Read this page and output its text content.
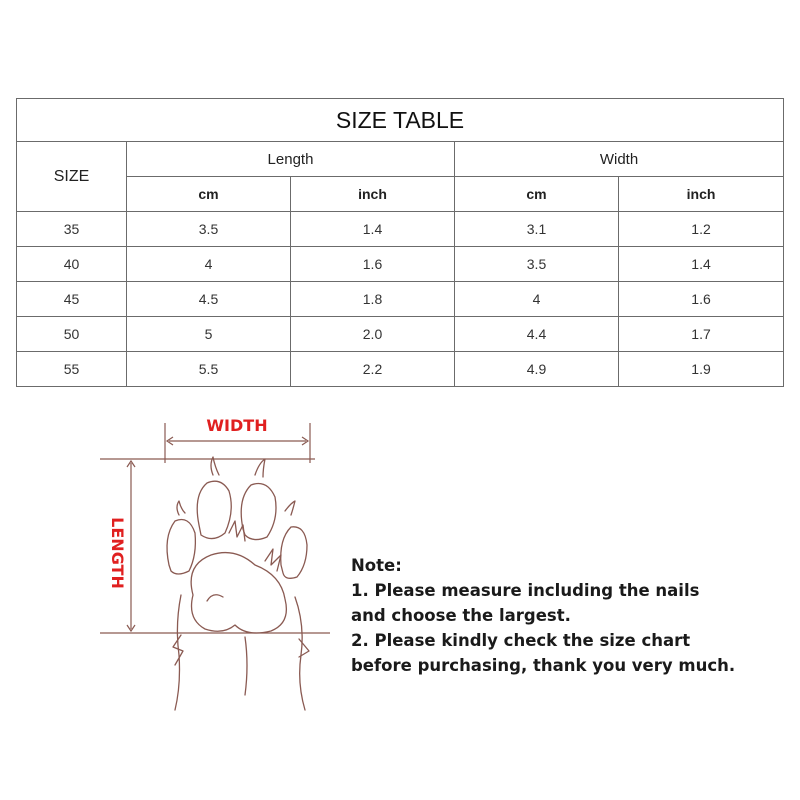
SIZE TABLE				
SIZE	Length		Width	
	cm	inch	cm	inch
35	3.5	1.4	3.1	1.2
40	4	1.6	3.5	1.4
45	4.5	1.8	4	1.6
50	5	2.0	4.4	1.7
55	5.5	2.2	4.9	1.9
WIDTH
LENGTH	Note:
1. Please measure including the nails
and choose the largest.
2. Please kindly check the size chart
before purchasing, thank you very much.
